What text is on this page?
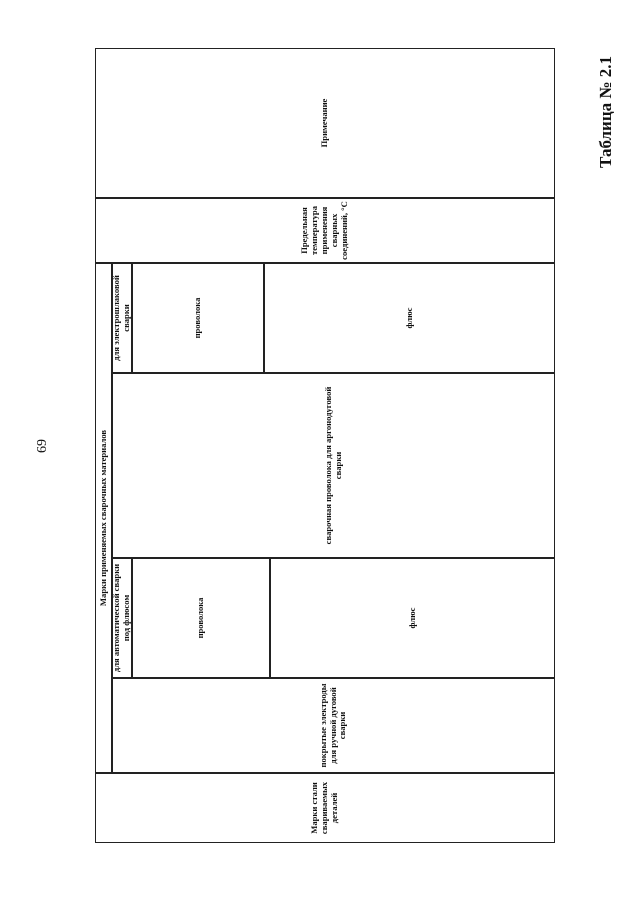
69
Таблица № 2.1
Марки стали свариваемых деталей
Марки применяемых сварочных материалов
покрытые электроды для ручной дуговой сварки
для автоматической сварки под флюсом	проволока	флюс
сварочная проволока для аргонодуговой сварки
для электрошлаковой сварки	проволока	флюс
Предельная температура применения сварных соединений, °С
Примечание
